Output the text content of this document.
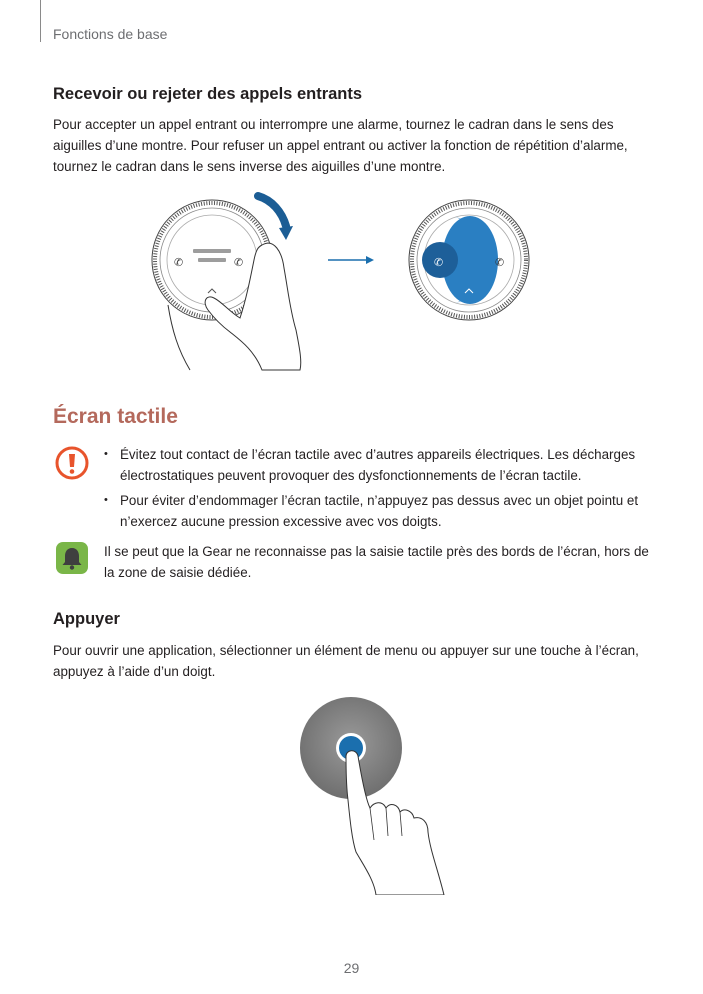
Fonctions de base
Recevoir ou rejeter des appels entrants

Pour accepter un appel entrant ou interrompre une alarme, tournez le cadran dans le sens des aiguilles d’une montre. Pour refuser un appel entrant ou activer la fonction de répétition d’alarme, tournez le cadran dans le sens inverse des aiguilles d’une montre.

✆	✆	✆	✆
Écran tactile
• Évitez tout contact de l’écran tactile avec d’autres appareils électriques. Les décharges électrostatiques peuvent provoquer des dysfonctionnements de l’écran tactile.
• Pour éviter d’endommager l’écran tactile, n’appuyez pas dessus avec un objet pointu et n’exercez aucune pression excessive avec vos doigts.

Il se peut que la Gear ne reconnaisse pas la saisie tactile près des bords de l’écran, hors de la zone de saisie dédiée.

Appuyer

Pour ouvrir une application, sélectionner un élément de menu ou appuyer sur une touche à l’écran, appuyez à l’aide d’un doigt.

29
